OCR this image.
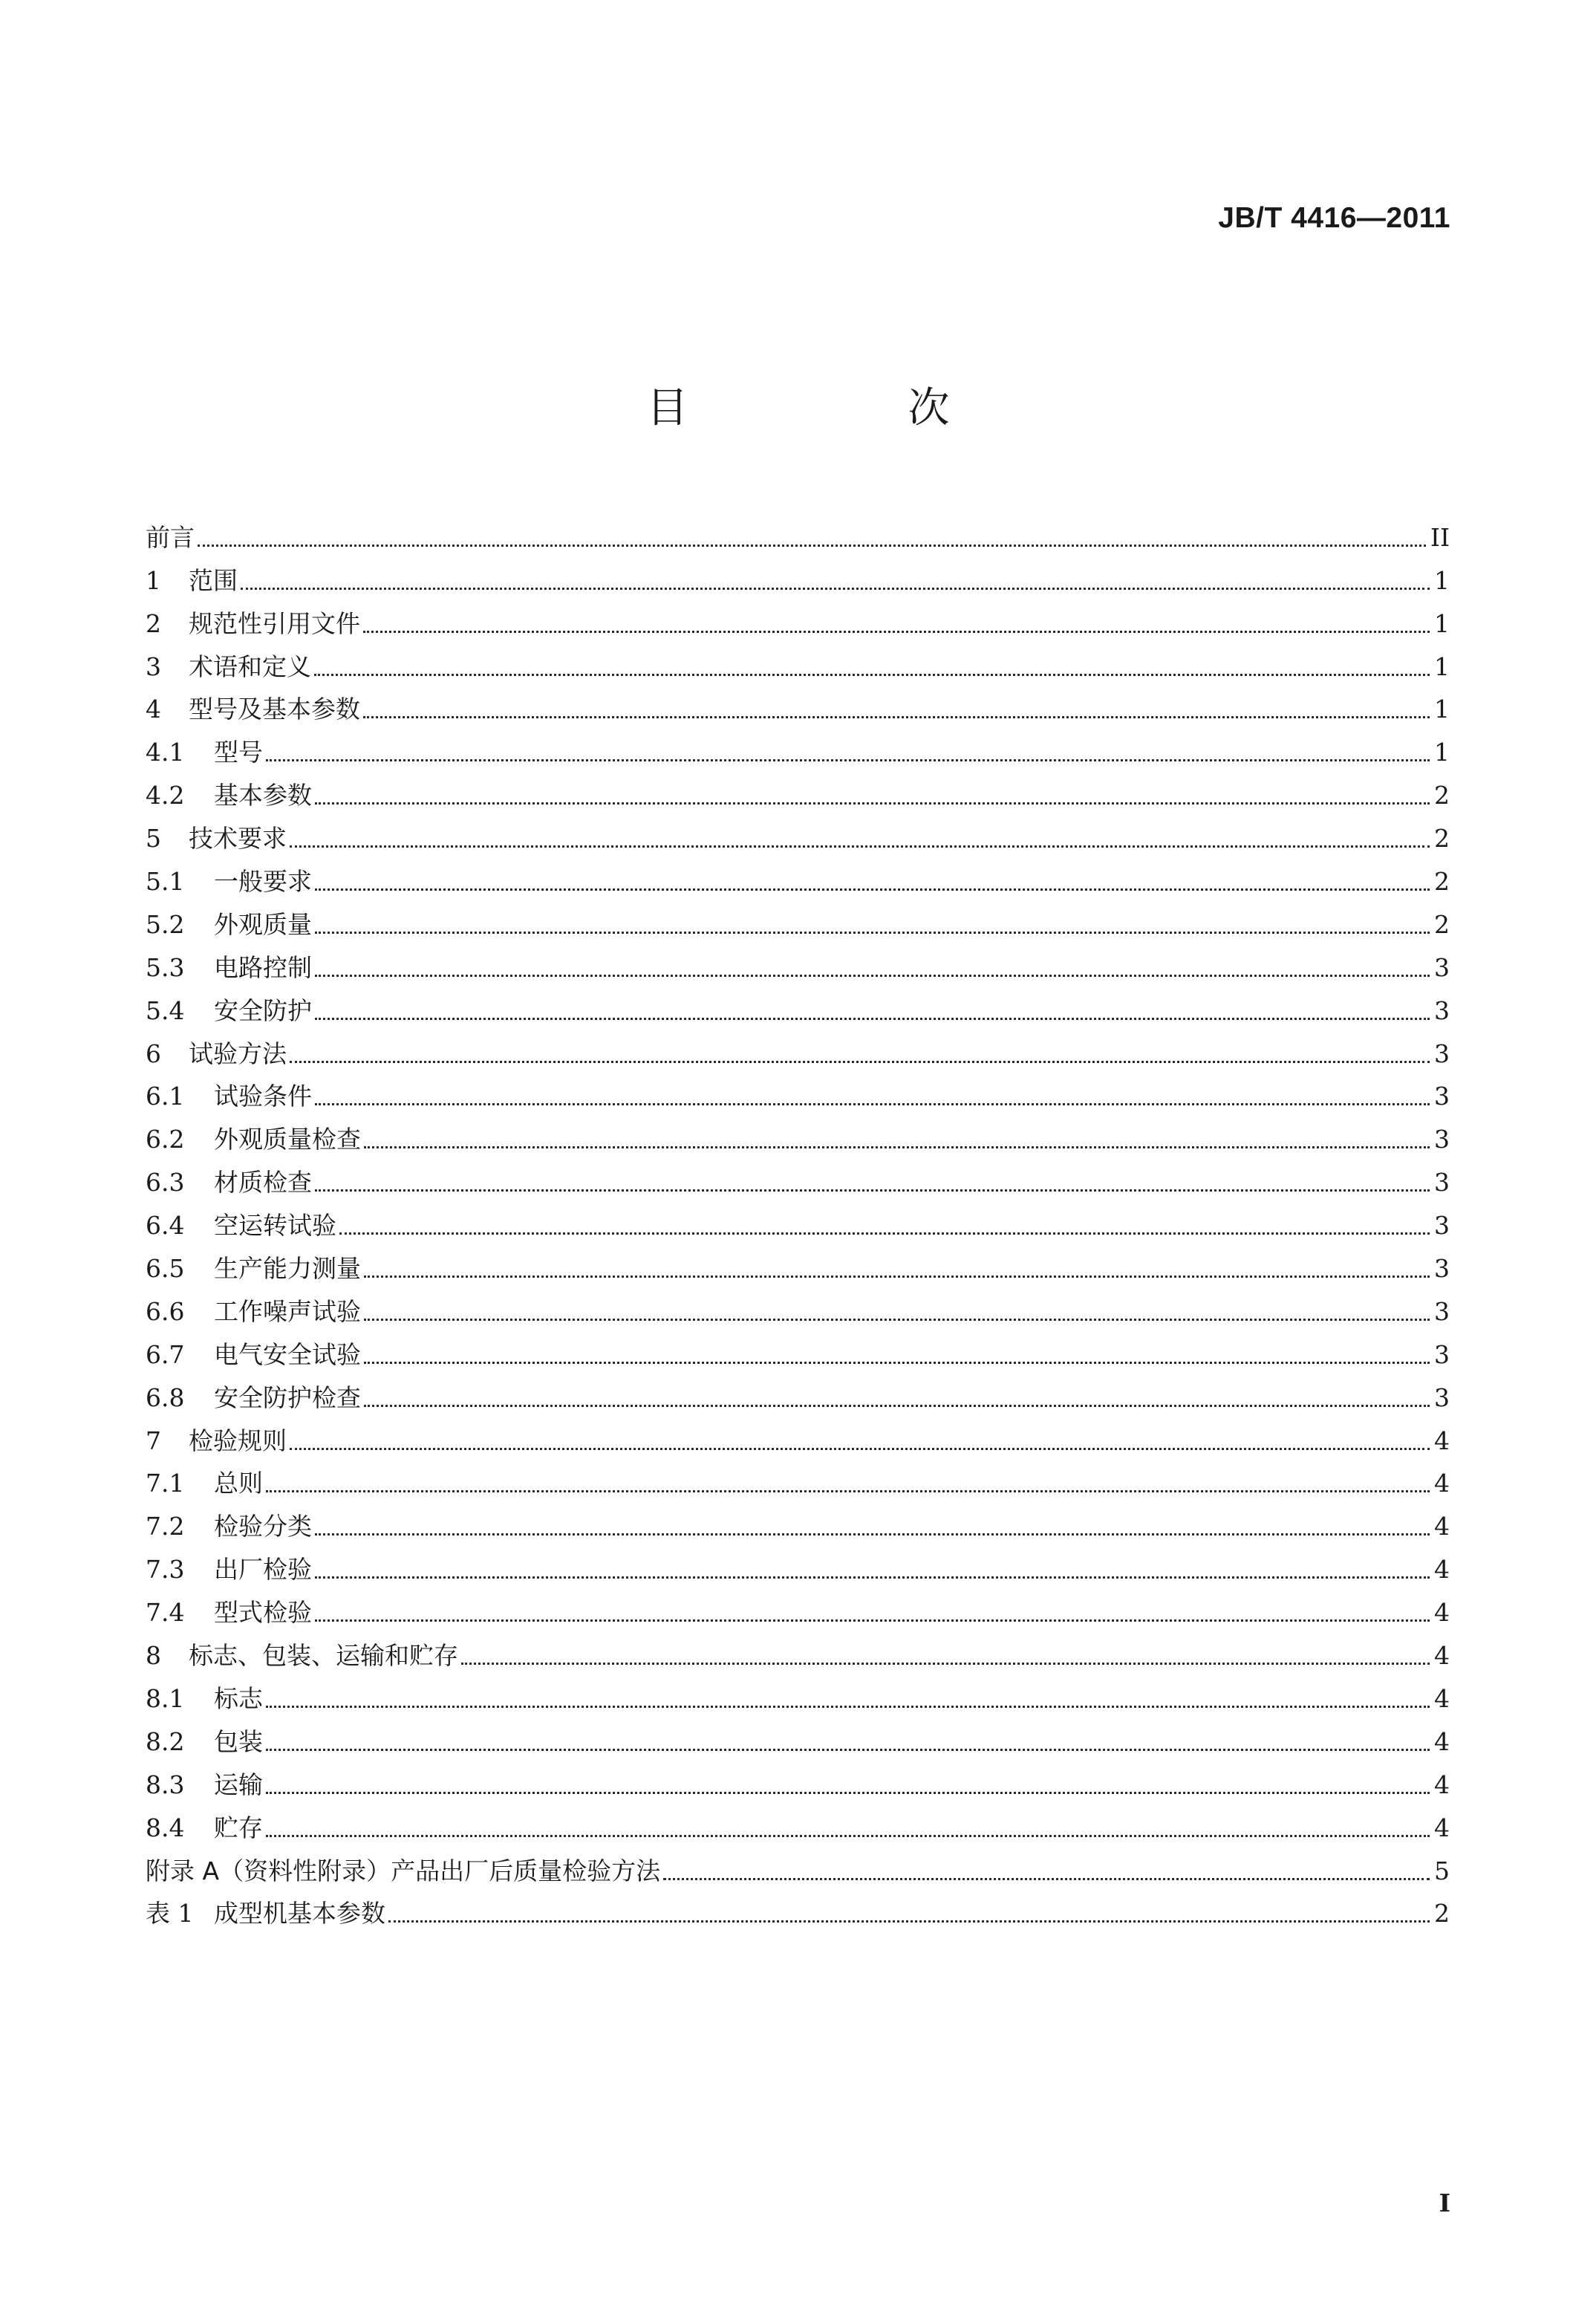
JB/T 4416—2011
目　次
前言	II
1	范围	1
2	规范性引用文件	1
3	术语和定义	1
4	型号及基本参数	1
4.1	型号	1
4.2	基本参数	2
5	技术要求	2
5.1	一般要求	2
5.2	外观质量	2
5.3	电路控制	3
5.4	安全防护	3
6	试验方法	3
6.1	试验条件	3
6.2	外观质量检查	3
6.3	材质检查	3
6.4	空运转试验	3
6.5	生产能力测量	3
6.6	工作噪声试验	3
6.7	电气安全试验	3
6.8	安全防护检查	3
7	检验规则	4
7.1	总则	4
7.2	检验分类	4
7.3	出厂检验	4
7.4	型式检验	4
8	标志、包装、运输和贮存	4
8.1	标志	4
8.2	包装	4
8.3	运输	4
8.4	贮存	4
附录 A（资料性附录）产品出厂后质量检验方法	5
表 1 成型机基本参数	2
I
